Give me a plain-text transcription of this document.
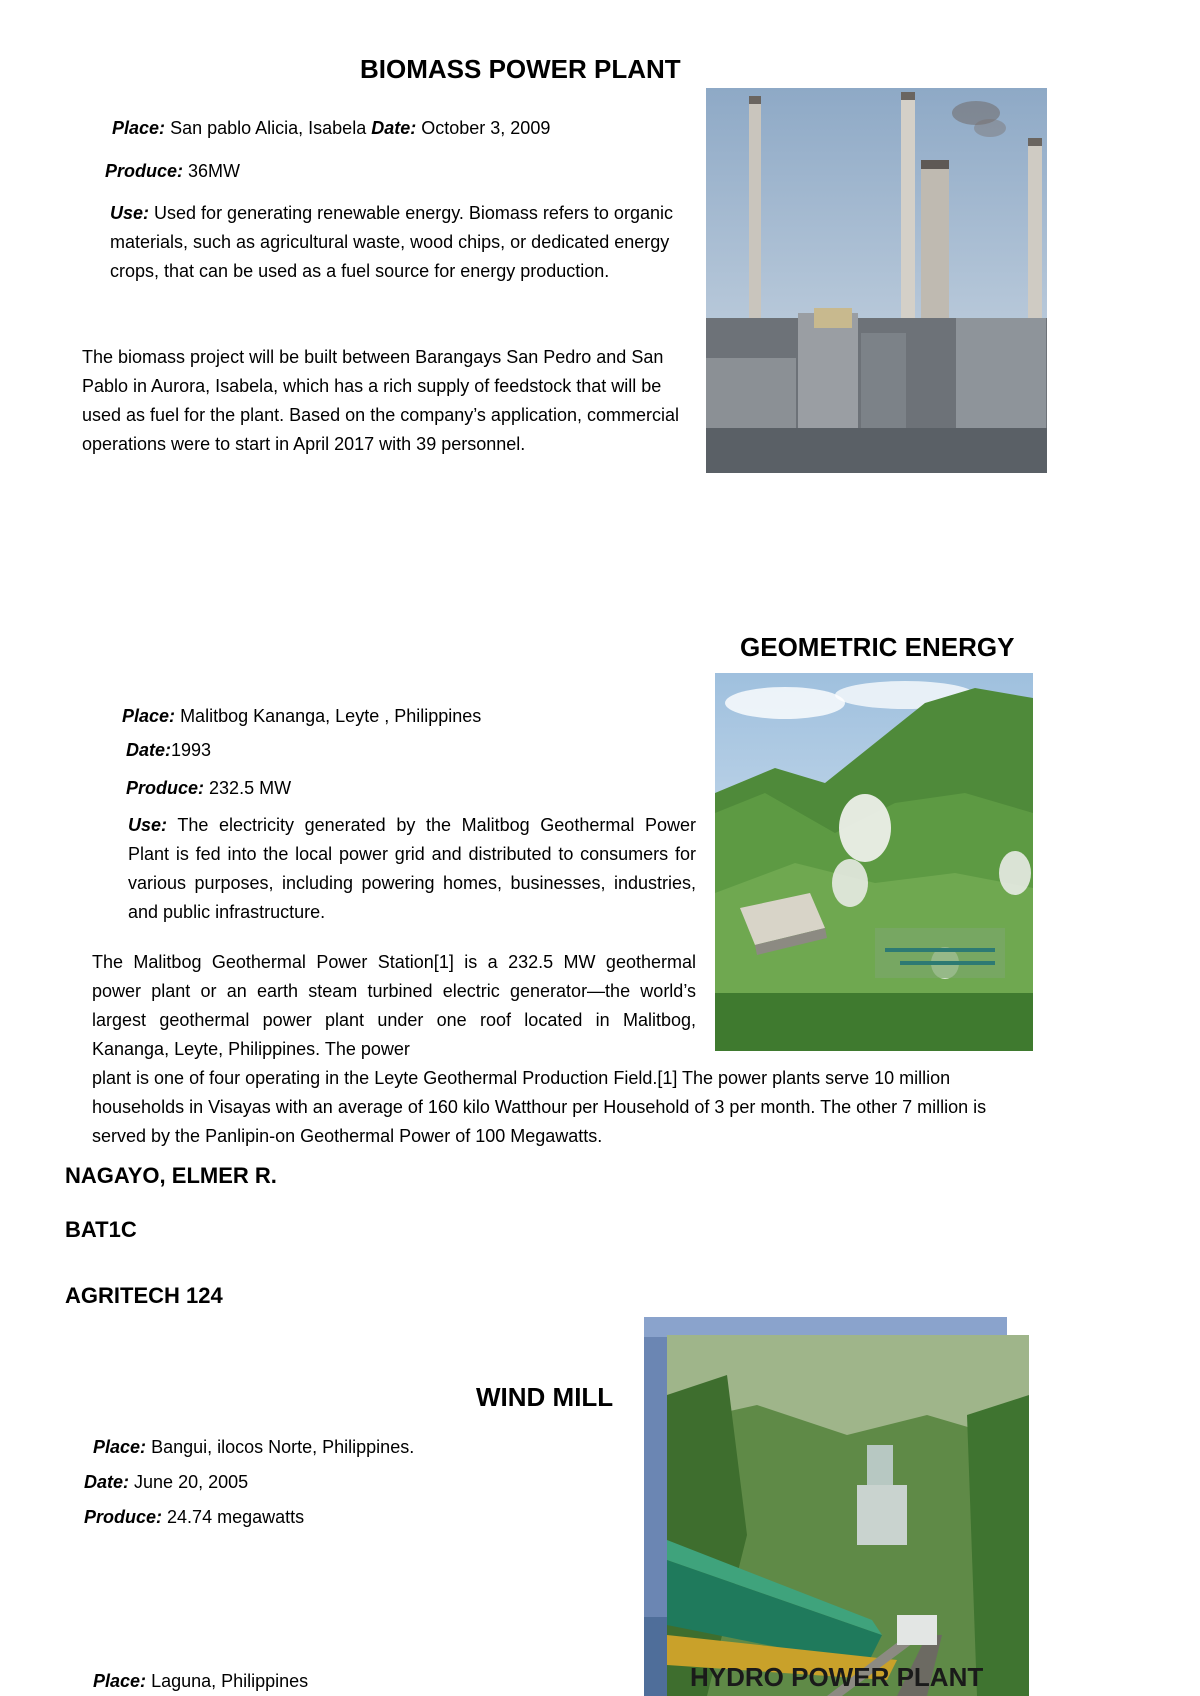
BIOMASS POWER PLANT
Place: San pablo Alicia, Isabela Date: October 3, 2009
Produce: 36MW
Use: Used for generating renewable energy. Biomass refers to organic materials, such as agricultural waste, wood chips, or dedicated energy crops, that can be used as a fuel source for energy production.
The biomass project will be built between Barangays San Pedro and San Pablo in Aurora, Isabela, which has a rich supply of feedstock that will be used as fuel for the plant. Based on the company’s application, commercial operations were to start in April 2017 with 39 personnel.
GEOMETRIC ENERGY
Place: Malitbog Kananga, Leyte , Philippines
Date:1993
Produce: 232.5 MW
Use: The electricity generated by the Malitbog Geothermal Power Plant is fed into the local power grid and distributed to consumers for various purposes, including powering homes, businesses, industries, and public infrastructure.
The Malitbog Geothermal Power Station[1] is a 232.5 MW geothermal power plant or an earth steam turbined electric generator—the world’s largest geothermal power plant under one roof located in Malitbog, Kananga, Leyte, Philippines. The power
plant is one of four operating in the Leyte Geothermal Production Field.[1] The power plants serve 10 million households in Visayas with an average of 160 kilo Watthour per Household of 3 per month. The other 7 million is served by the Panlipin-on Geothermal Power of 100 Megawatts.
NAGAYO, ELMER R.
BAT1C
AGRITECH 124
WIND MILL
Place: Bangui, ilocos Norte, Philippines.
Date: June 20, 2005
Produce: 24.74 megawatts
HYDRO POWER PLANT
Place: Laguna, Philippines
